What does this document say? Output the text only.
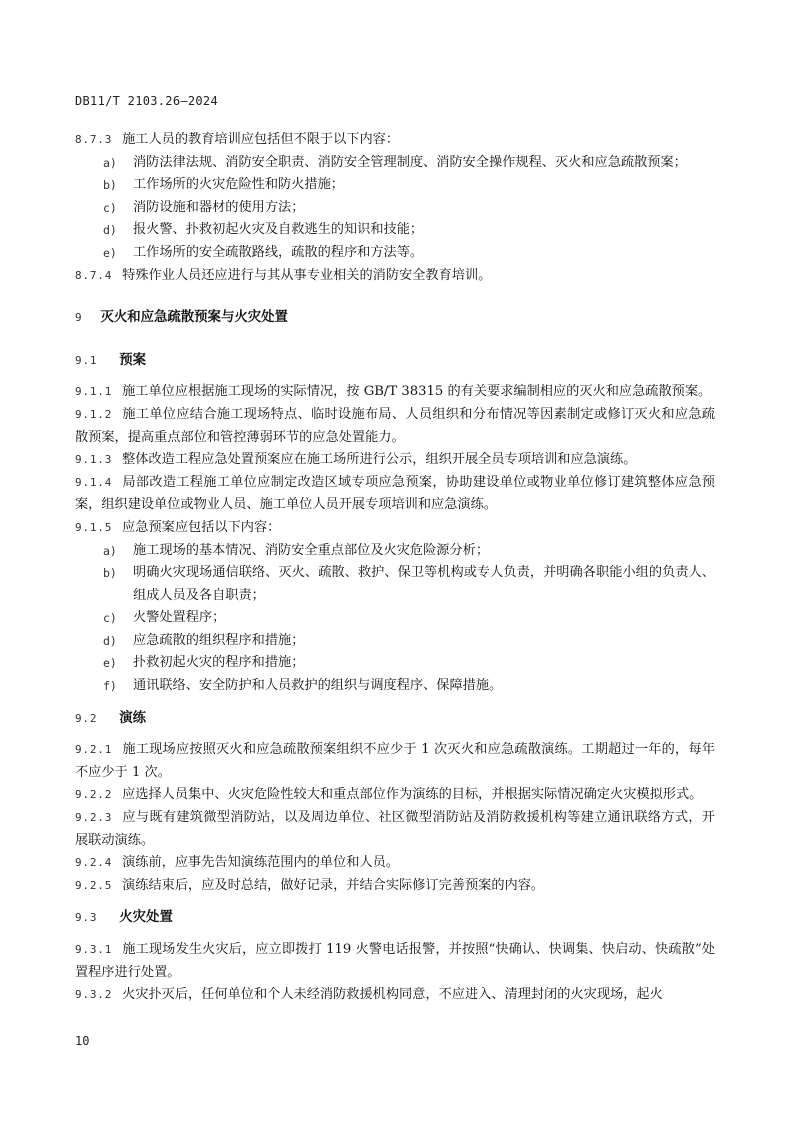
DB11/T 2103.26—2024

8.7.3 施工人员的教育培训应包括但不限于以下内容：

a) 消防法律法规、消防安全职责、消防安全管理制度、消防安全操作规程、灭火和应急疏散预案；
b) 工作场所的火灾危险性和防火措施；
c) 消防设施和器材的使用方法；
d) 报火警、扑救初起火灾及自救逃生的知识和技能；
e) 工作场所的安全疏散路线，疏散的程序和方法等。

8.7.4 特殊作业人员还应进行与其从事专业相关的消防安全教育培训。

9 灭火和应急疏散预案与火灾处置

9.1 预案

9.1.1 施工单位应根据施工现场的实际情况，按 GB/T 38315 的有关要求编制相应的灭火和应急疏散预案。

9.1.2 施工单位应结合施工现场特点、临时设施布局、人员组织和分布情况等因素制定或修订灭火和应急疏散预案，提高重点部位和管控薄弱环节的应急处置能力。

9.1.3 整体改造工程应急处置预案应在施工场所进行公示，组织开展全员专项培训和应急演练。

9.1.4 局部改造工程施工单位应制定改造区域专项应急预案，协助建设单位或物业单位修订建筑整体应急预案，组织建设单位或物业人员、施工单位人员开展专项培训和应急演练。

9.1.5 应急预案应包括以下内容：

a) 施工现场的基本情况、消防安全重点部位及火灾危险源分析；
b) 明确火灾现场通信联络、灭火、疏散、救护、保卫等机构或专人负责，并明确各职能小组的负责人、组成人员及各自职责；
c) 火警处置程序；
d) 应急疏散的组织程序和措施；
e) 扑救初起火灾的程序和措施；
f) 通讯联络、安全防护和人员救护的组织与调度程序、保障措施。

9.2 演练

9.2.1 施工现场应按照灭火和应急疏散预案组织不应少于 1 次灭火和应急疏散演练。工期超过一年的，每年不应少于 1 次。

9.2.2 应选择人员集中、火灾危险性较大和重点部位作为演练的目标，并根据实际情况确定火灾模拟形式。

9.2.3 应与既有建筑微型消防站，以及周边单位、社区微型消防站及消防救援机构等建立通讯联络方式，开展联动演练。

9.2.4 演练前，应事先告知演练范围内的单位和人员。

9.2.5 演练结束后，应及时总结，做好记录，并结合实际修订完善预案的内容。

9.3 火灾处置

9.3.1 施工现场发生火灾后，应立即拨打 119 火警电话报警，并按照“快确认、快调集、快启动、快疏散”处置程序进行处置。

9.3.2 火灾扑灭后，任何单位和个人未经消防救援机构同意，不应进入、清理封闭的火灾现场，起火

10
